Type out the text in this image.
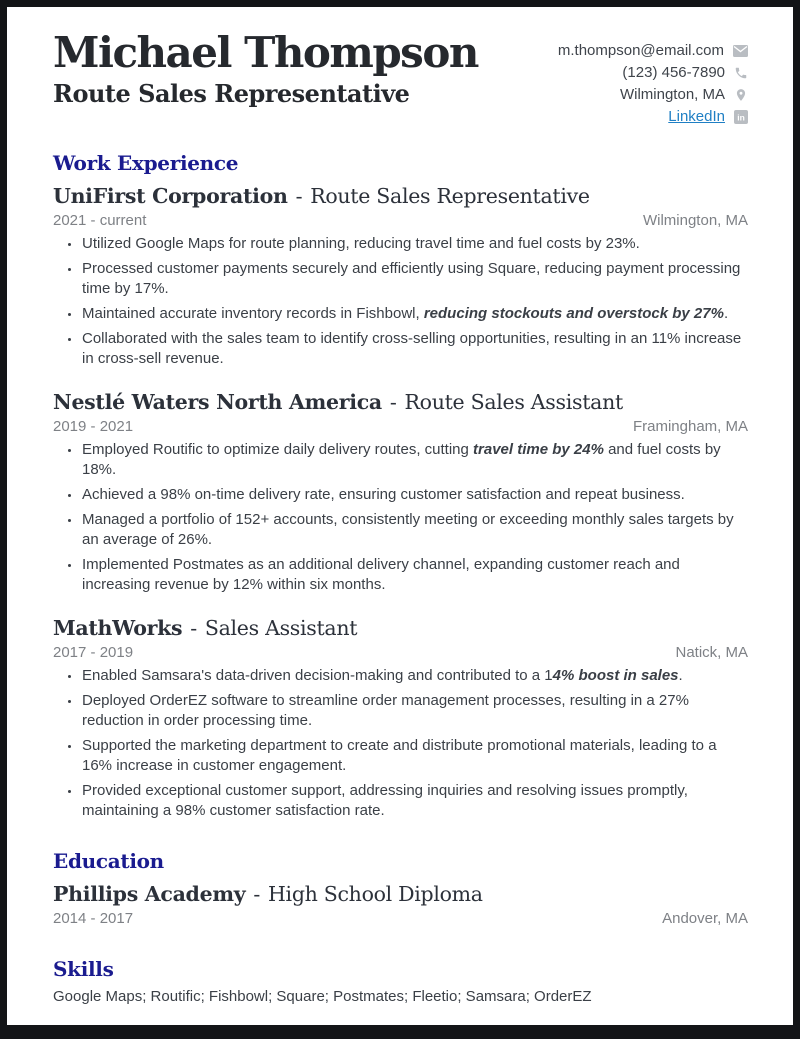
Michael Thompson
Route Sales Representative
m.thompson@email.com
(123) 456-7890
Wilmington, MA
LinkedIn in
Work Experience
UniFirst Corporation - Route Sales Representative
2021 - current	Wilmington, MA
• Utilized Google Maps for route planning, reducing travel time and fuel costs by 23%.
• Processed customer payments securely and efficiently using Square, reducing payment processing time by 17%.
• Maintained accurate inventory records in Fishbowl, reducing stockouts and overstock by 27%.
• Collaborated with the sales team to identify cross-selling opportunities, resulting in an 11% increase in cross-sell revenue.
Nestlé Waters North America - Route Sales Assistant
2019 - 2021	Framingham, MA
• Employed Routific to optimize daily delivery routes, cutting travel time by 24% and fuel costs by 18%.
• Achieved a 98% on-time delivery rate, ensuring customer satisfaction and repeat business.
• Managed a portfolio of 152+ accounts, consistently meeting or exceeding monthly sales targets by an average of 26%.
• Implemented Postmates as an additional delivery channel, expanding customer reach and increasing revenue by 12% within six months.
MathWorks - Sales Assistant
2017 - 2019	Natick, MA
• Enabled Samsara's data-driven decision-making and contributed to a 14% boost in sales.
• Deployed OrderEZ software to streamline order management processes, resulting in a 27% reduction in order processing time.
• Supported the marketing department to create and distribute promotional materials, leading to a 16% increase in customer engagement.
• Provided exceptional customer support, addressing inquiries and resolving issues promptly, maintaining a 98% customer satisfaction rate.
Education
Phillips Academy - High School Diploma
2014 - 2017	Andover, MA
Skills
Google Maps; Routific; Fishbowl; Square; Postmates; Fleetio; Samsara; OrderEZ
